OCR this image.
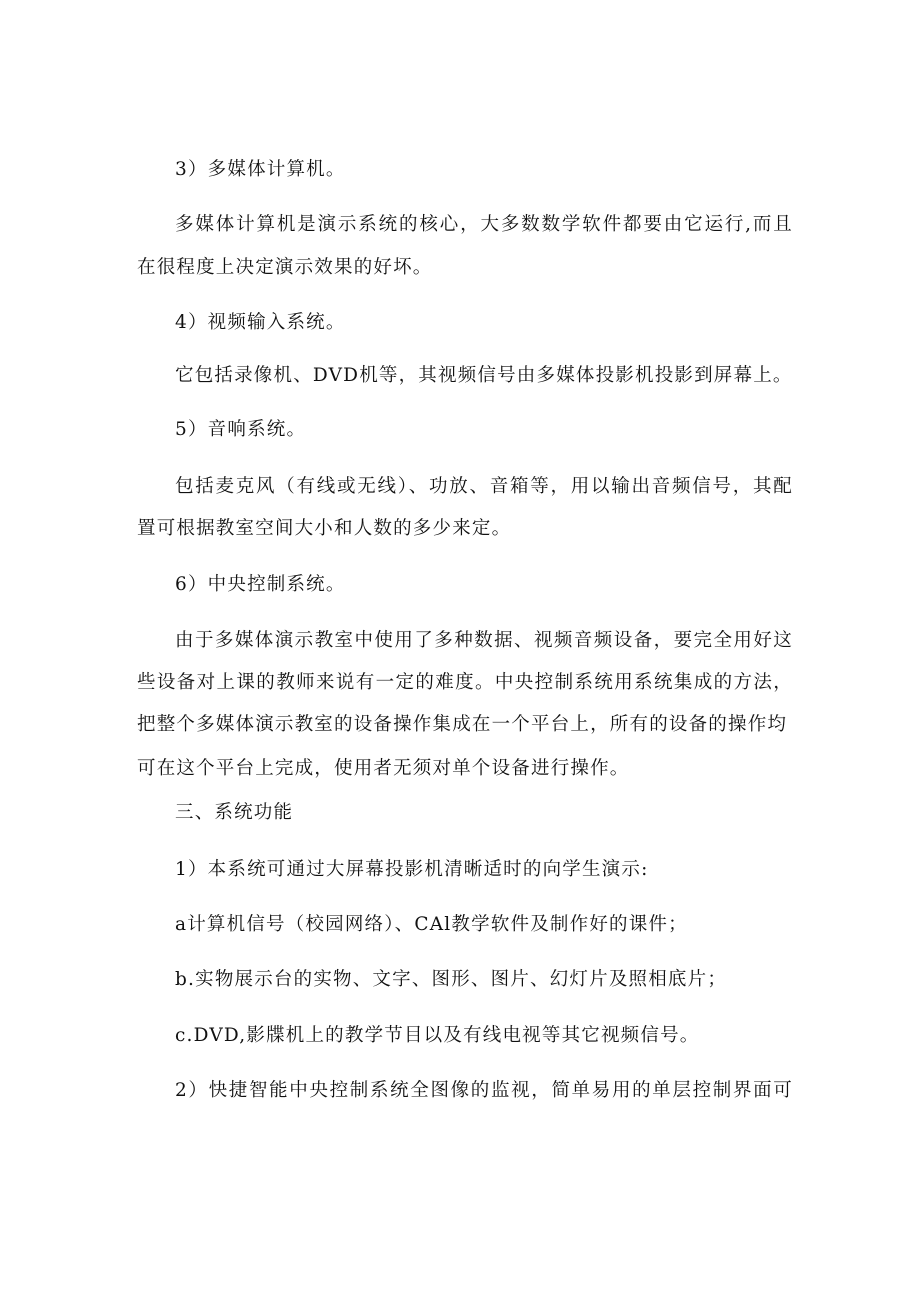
3）多媒体计算机。
多媒体计算机是演示系统的核心，大多数数学软件都要由它运行,而且
在很程度上决定演示效果的好坏。
4）视频输入系统。
它包括录像机、DVD机等，其视频信号由多媒体投影机投影到屏幕上。
5）音响系统。
包括麦克风（有线或无线）、功放、音箱等，用以输出音频信号，其配
置可根据教室空间大小和人数的多少来定。
6）中央控制系统。
由于多媒体演示教室中使用了多种数据、视频音频设备，要完全用好这
些设备对上课的教师来说有一定的难度。中央控制系统用系统集成的方法，
把整个多媒体演示教室的设备操作集成在一个平台上，所有的设备的操作均
可在这个平台上完成，使用者无须对单个设备进行操作。
三、系统功能
1）本系统可通过大屏幕投影机清晰适时的向学生演示:
a计算机信号（校园网络）、CAl教学软件及制作好的课件；
b.实物展示台的实物、文字、图形、图片、幻灯片及照相底片；
c.DVD,影牒机上的教学节目以及有线电视等其它视频信号。
2）快捷智能中央控制系统全图像的监视，简单易用的单层控制界面可
